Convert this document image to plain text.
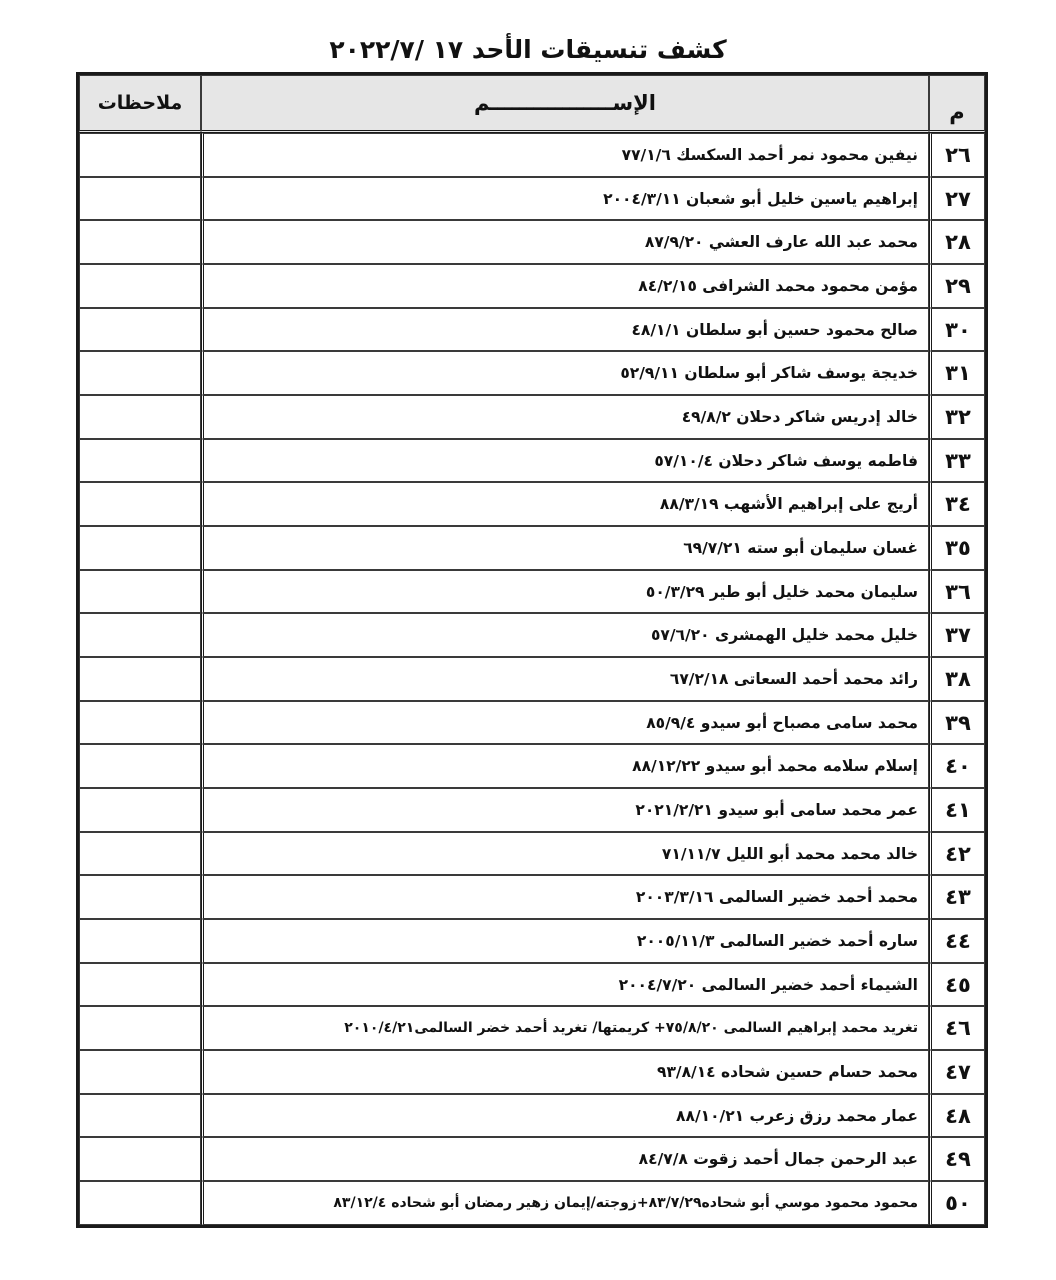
كشف تنسيقات الأحد ١٧ /٢٠٢٢/٧
م	الإســـــــــــــــــم	ملاحظات
٢٦	نيفين محمود نمر أحمد السكسك ٧٧/١/٦	
٢٧	إبراهيم ياسين خليل أبو شعبان ٢٠٠٤/٣/١١	
٢٨	محمد عبد الله عارف العشي ٨٧/٩/٢٠	
٢٩	مؤمن محمود محمد الشرافى ٨٤/٢/١٥	
٣٠	صالح محمود حسين أبو سلطان ٤٨/١/١	
٣١	خديجة يوسف شاكر أبو سلطان ٥٢/٩/١١	
٣٢	خالد إدريس شاكر دحلان ٤٩/٨/٢	
٣٣	فاطمه يوسف شاكر دحلان ٥٧/١٠/٤	
٣٤	أريج على إبراهيم الأشهب ٨٨/٣/١٩	
٣٥	غسان سليمان أبو سته ٦٩/٧/٢١	
٣٦	سليمان محمد خليل أبو طير ٥٠/٣/٢٩	
٣٧	خليل محمد خليل الهمشرى ٥٧/٦/٢٠	
٣٨	رائد محمد أحمد السعاتى ٦٧/٢/١٨	
٣٩	محمد سامى مصباح أبو سيدو ٨٥/٩/٤	
٤٠	إسلام سلامه محمد أبو سيدو ٨٨/١٢/٢٢	
٤١	عمر محمد سامى أبو سيدو ٢٠٢١/٢/٢١	
٤٢	خالد محمد محمد أبو الليل ٧١/١١/٧	
٤٣	محمد أحمد خضير السالمى ٢٠٠٣/٣/١٦	
٤٤	ساره أحمد خضير السالمى ٢٠٠٥/١١/٣	
٤٥	الشيماء أحمد خضير السالمى ٢٠٠٤/٧/٢٠	
٤٦	تغريد محمد إبراهيم السالمى ٧٥/٨/٢٠+ كريمتها/ تغريد أحمد خضر السالمى٢٠١٠/٤/٢١	
٤٧	محمد حسام حسين شحاده ٩٣/٨/١٤	
٤٨	عمار محمد رزق زعرب ٨٨/١٠/٢١	
٤٩	عبد الرحمن جمال أحمد زقوت ٨٤/٧/٨	
٥٠	محمود محمود موسي أبو شحاده٨٣/٧/٢٩+زوجته/إيمان زهير رمضان أبو شحاده ٨٣/١٢/٤	
